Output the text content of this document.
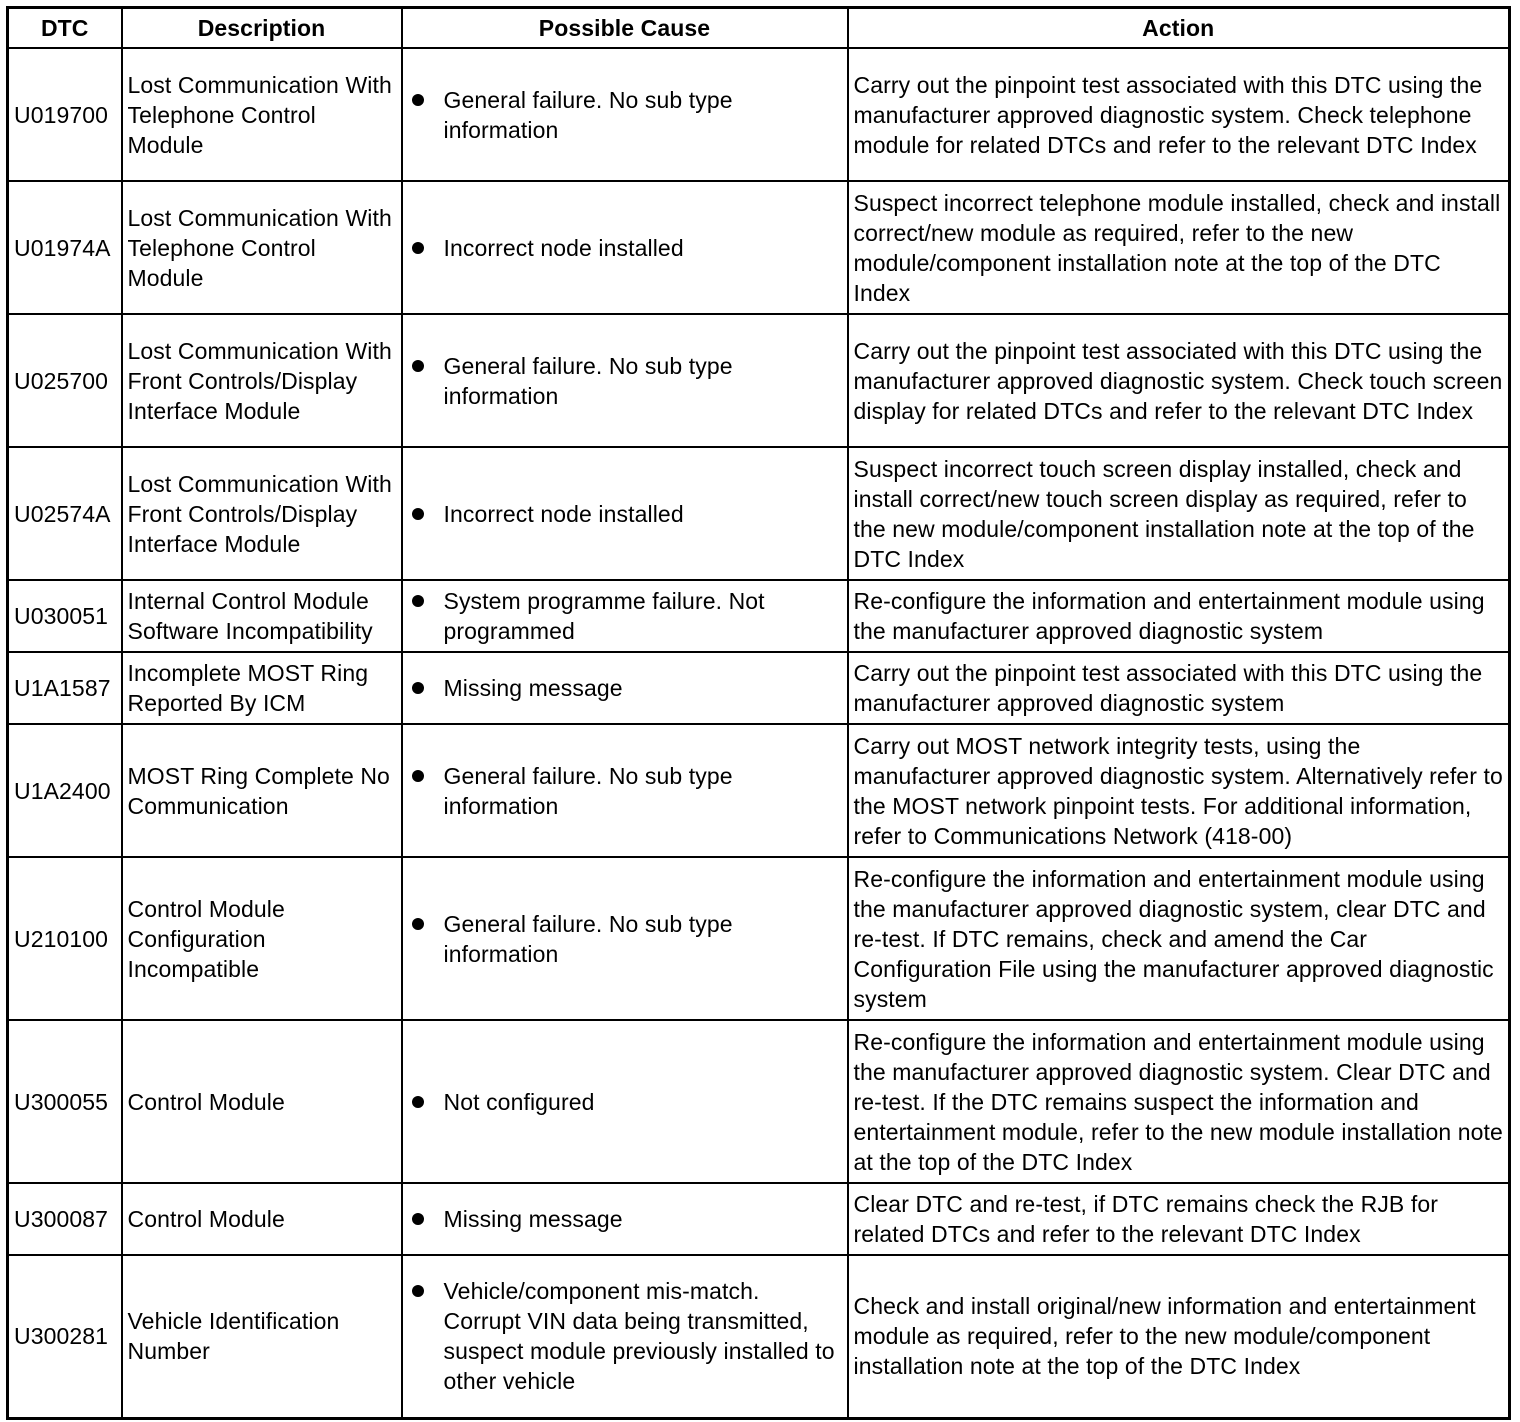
DTC	Description	Possible Cause	Action
U019700	Lost Communication With Telephone Control Module	General failure. No sub type information	Carry out the pinpoint test associated with this DTC using the manufacturer approved diagnostic system. Check telephone module for related DTCs and refer to the relevant DTC Index
U01974A	Lost Communication With Telephone Control Module	Incorrect node installed	Suspect incorrect telephone module installed, check and install correct/new module as required, refer to the new module/component installation note at the top of the DTC Index
U025700	Lost Communication With Front Controls/Display Interface Module	General failure. No sub type information	Carry out the pinpoint test associated with this DTC using the manufacturer approved diagnostic system. Check touch screen display for related DTCs and refer to the relevant DTC Index
U02574A	Lost Communication With Front Controls/Display Interface Module	Incorrect node installed	Suspect incorrect touch screen display installed, check and install correct/new touch screen display as required, refer to the new module/component installation note at the top of the DTC Index
U030051	Internal Control Module Software Incompatibility	System programme failure. Not programmed	Re-configure the information and entertainment module using the manufacturer approved diagnostic system
U1A1587	Incomplete MOST Ring Reported By ICM	Missing message	Carry out the pinpoint test associated with this DTC using the manufacturer approved diagnostic system
U1A2400	MOST Ring Complete No Communication	General failure. No sub type information	Carry out MOST network integrity tests, using the manufacturer approved diagnostic system. Alternatively refer to the MOST network pinpoint tests. For additional information, refer to Communications Network (418-00)
U210100	Control Module Configuration Incompatible	General failure. No sub type information	Re-configure the information and entertainment module using the manufacturer approved diagnostic system, clear DTC and re-test. If DTC remains, check and amend the Car Configuration File using the manufacturer approved diagnostic system
U300055	Control Module	Not configured	Re-configure the information and entertainment module using the manufacturer approved diagnostic system. Clear DTC and re-test. If the DTC remains suspect the information and entertainment module, refer to the new module installation note at the top of the DTC Index
U300087	Control Module	Missing message	Clear DTC and re-test, if DTC remains check the RJB for related DTCs and refer to the relevant DTC Index
U300281	Vehicle Identification Number	Vehicle/component mis-match. Corrupt VIN data being transmitted, suspect module previously installed to other vehicle	Check and install original/new information and entertainment module as required, refer to the new module/component installation note at the top of the DTC Index
